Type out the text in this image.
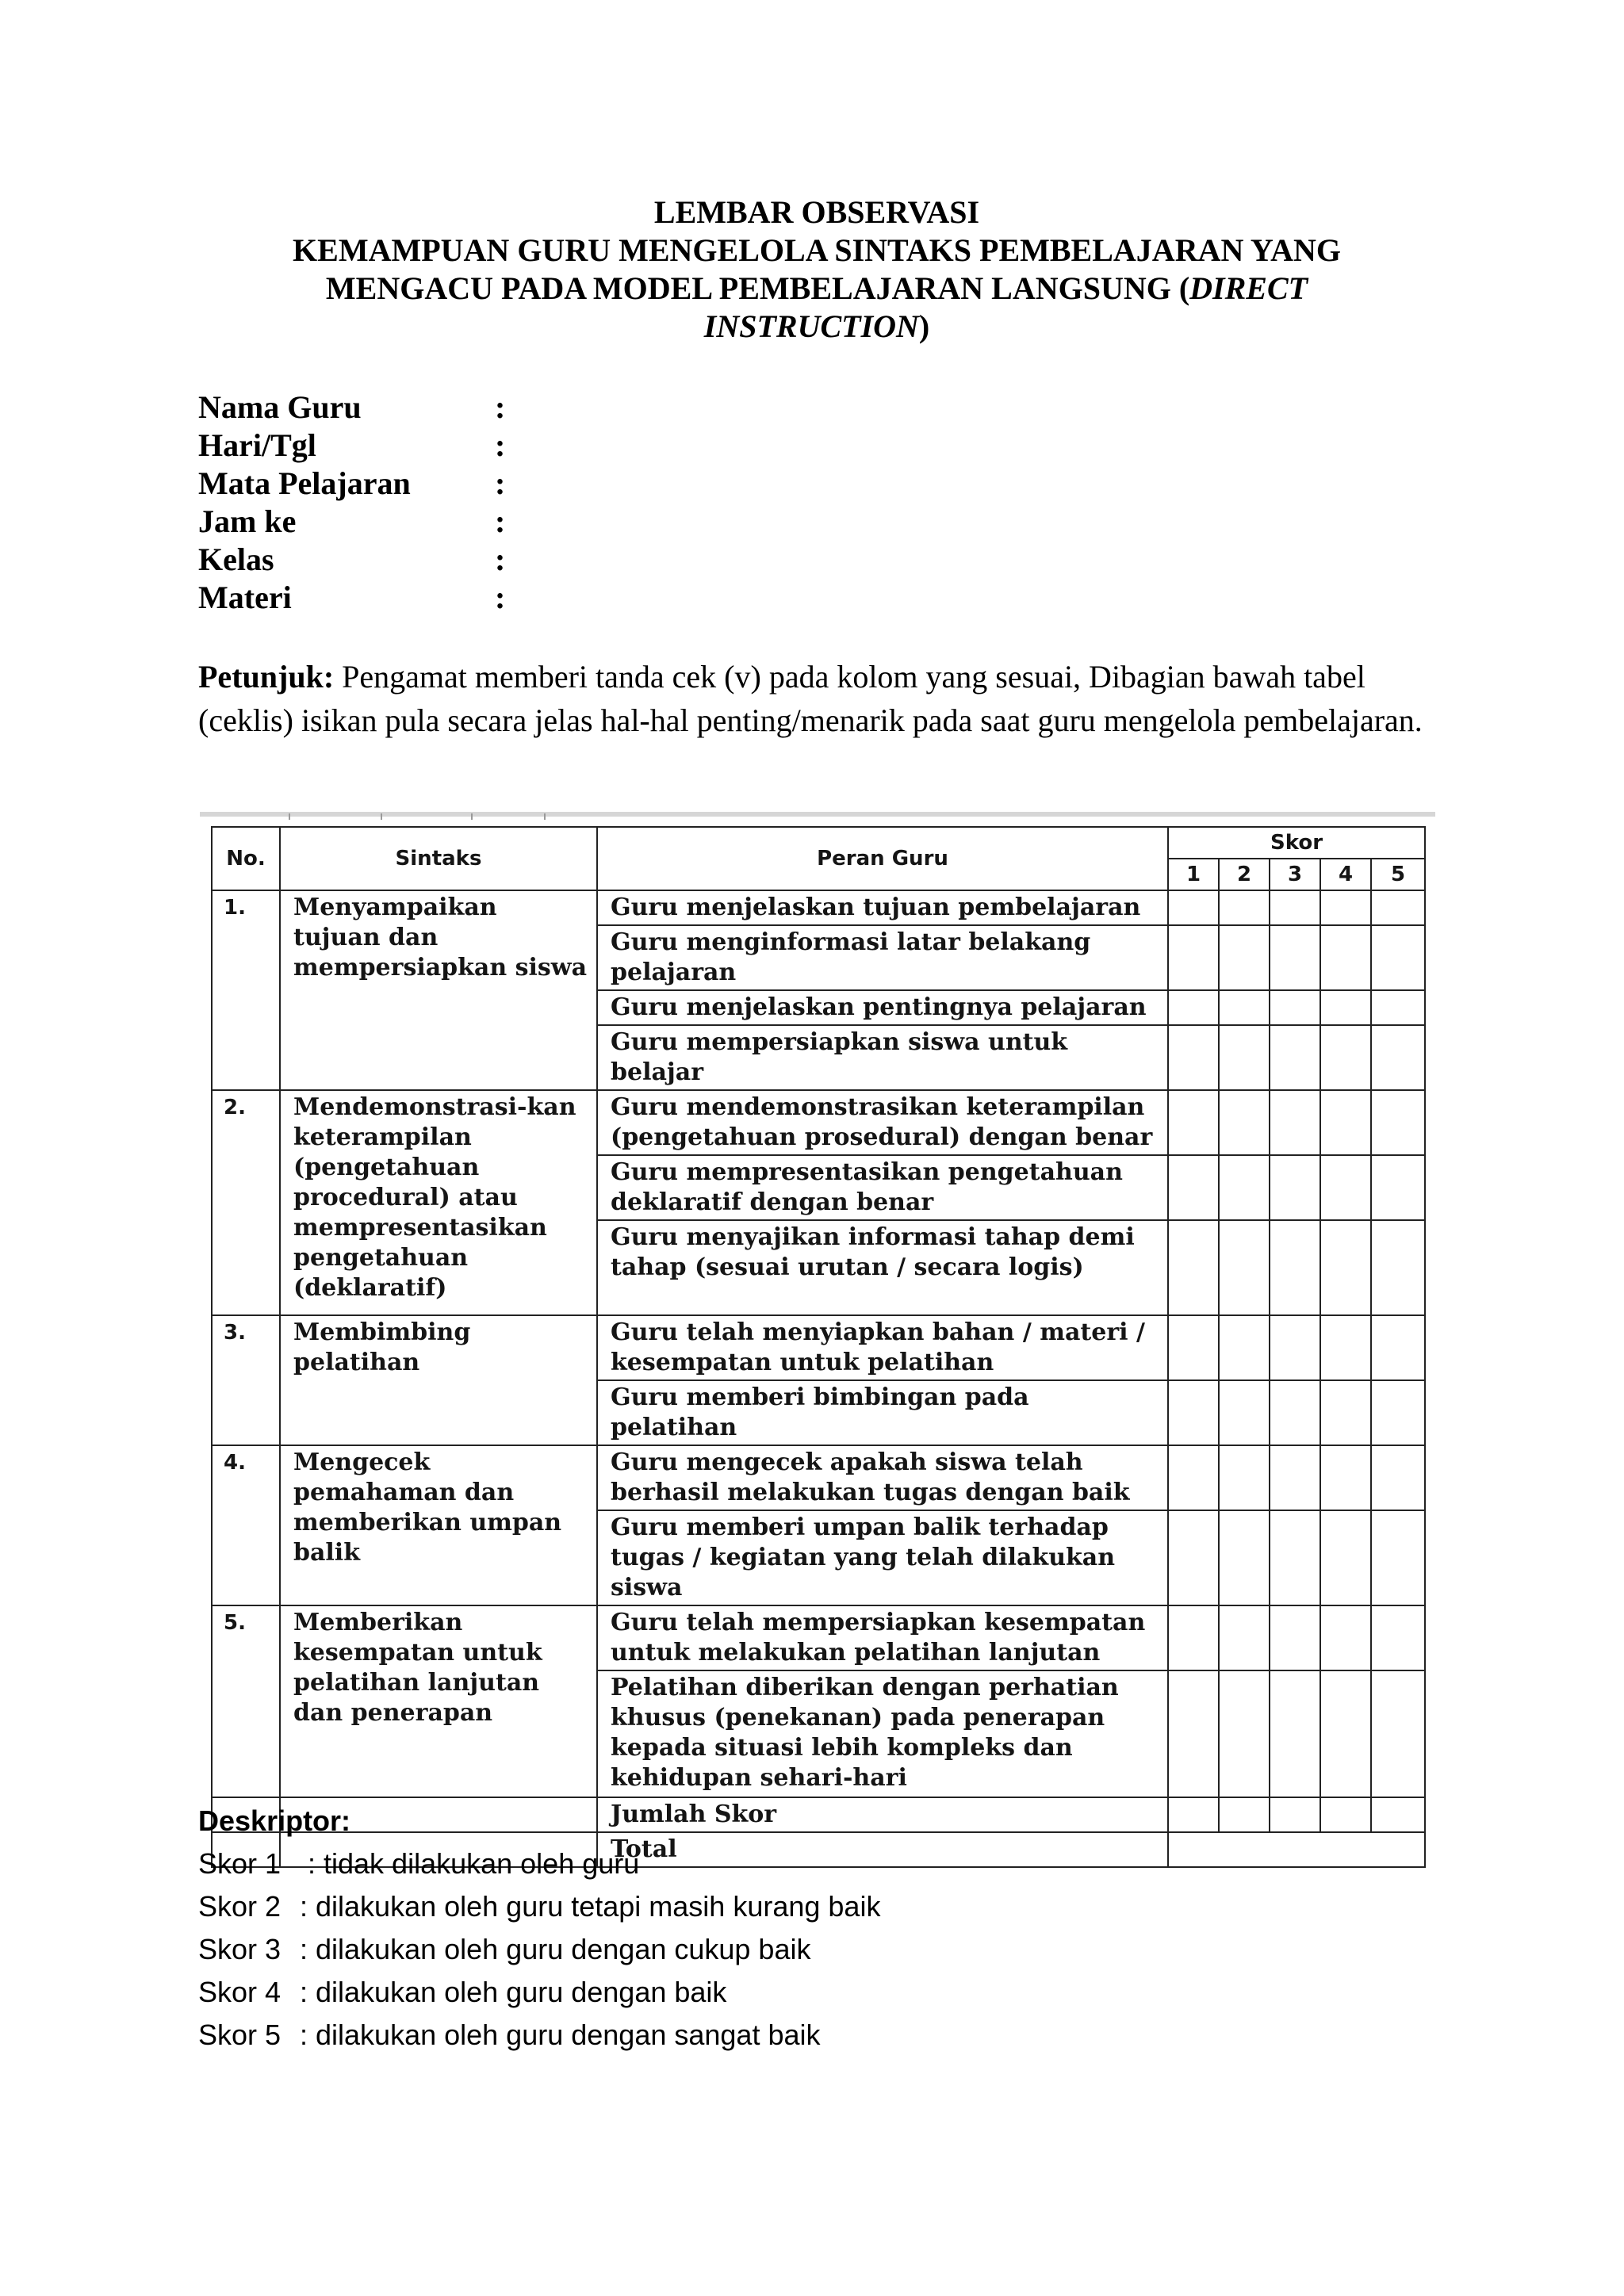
LEMBAR OBSERVASI
KEMAMPUAN GURU MENGELOLA SINTAKS PEMBELAJARAN YANG
MENGACU PADA MODEL PEMBELAJARAN LANGSUNG (DIRECT
INSTRUCTION)
Nama Guru	:
Hari/Tgl	:
Mata Pelajaran	:
Jam ke	:
Kelas	:
Materi	:
Petunjuk: Pengamat memberi tanda cek (v) pada kolom yang sesuai, Dibagian bawah tabel (ceklis) isikan pula secara jelas hal-hal penting/menarik pada saat guru mengelola pembelajaran.
No.	Sintaks	Peran Guru	Skor				
			1	2	3	4	5
1.	Menyampaikan tujuan dan mempersiapkan siswa	Guru menjelaskan tujuan pembelajaran					
		Guru menginformasi latar belakang pelajaran					
		Guru menjelaskan pentingnya pelajaran					
		Guru mempersiapkan siswa untuk belajar					
2.	Mendemonstrasi-kan keterampilan (pengetahuan procedural) atau mempresentasikan pengetahuan (deklaratif)	Guru mendemonstrasikan keterampilan (pengetahuan prosedural) dengan benar					
		Guru mempresentasikan pengetahuan deklaratif dengan benar					
		Guru menyajikan informasi tahap demi tahap (sesuai urutan / secara logis)					
3.	Membimbing pelatihan	Guru telah menyiapkan bahan / materi / kesempatan untuk pelatihan					
		Guru memberi bimbingan pada pelatihan					
4.	Mengecek pemahaman dan memberikan umpan balik	Guru mengecek apakah siswa telah berhasil melakukan tugas dengan baik					
		Guru memberi umpan balik terhadap tugas / kegiatan yang telah dilakukan siswa					
5.	Memberikan kesempatan untuk pelatihan lanjutan dan penerapan	Guru telah mempersiapkan kesempatan untuk melakukan pelatihan lanjutan					
		Pelatihan diberikan dengan perhatian khusus (penekanan) pada penerapan kepada situasi lebih kompleks dan kehidupan sehari-hari					
		Jumlah Skor					
		Total					
Deskriptor:
Skor 1 : tidak dilakukan oleh guru
Skor 2 : dilakukan oleh guru tetapi masih kurang baik
Skor 3 : dilakukan oleh guru dengan cukup baik
Skor 4 : dilakukan oleh guru dengan baik
Skor 5 : dilakukan oleh guru dengan sangat baik
